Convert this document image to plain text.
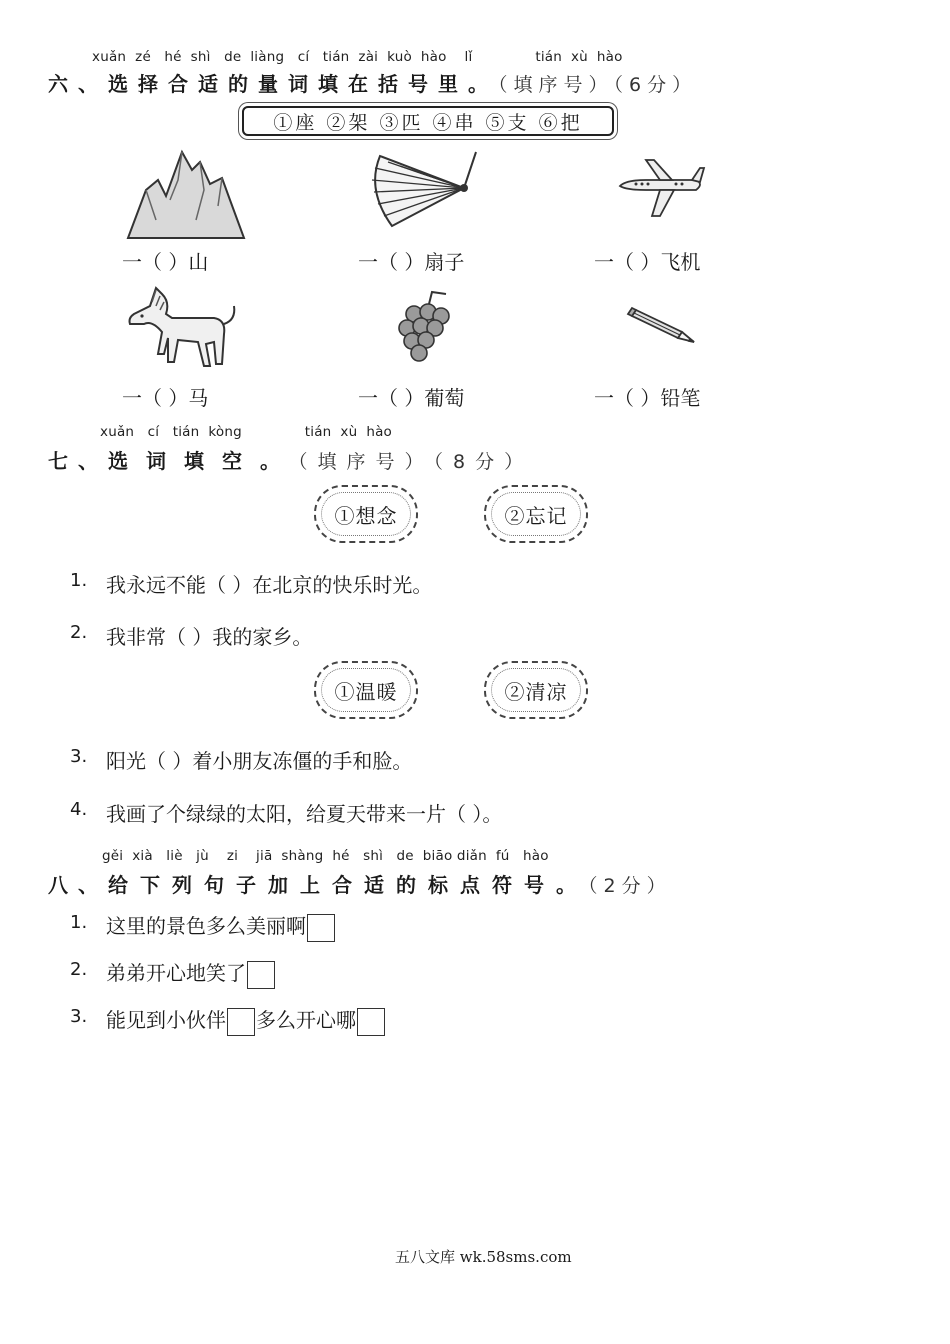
xuǎn  zé   hé  shì   de  liàng   cí   tián  zài  kuò  hào    lǐ              tián  xù  hào
六、选择合适的量词填在括号里。（填序号）（6分）
①座 ②架 ③匹 ④串 ⑤支 ⑥把
一（ ）山	一（ ）扇子	一（ ）飞机
一（ ）马	一（ ）葡萄	一（ ）铅笔
xuǎn   cí   tián  kòng              tián  xù  hào
七、选词填空。（填序号）（8分）
①想念	②忘记
1. 我永远不能（ ）在北京的快乐时光。
2. 我非常（ ）我的家乡。
①温暖	②清凉
3. 阳光（ ）着小朋友冻僵的手和脸。
4. 我画了个绿绿的太阳，给夏天带来一片（ ）。
gěi  xià   liè   jù    zi    jiā  shàng  hé   shì   de  biāo diǎn  fú   hào
八、给下列句子加上合适的标点符号。（2分）
1. 这里的景色多么美丽啊
2. 弟弟开心地笑了
3. 能见到小伙伴 多么开心哪
五八文库 wk.58sms.com
